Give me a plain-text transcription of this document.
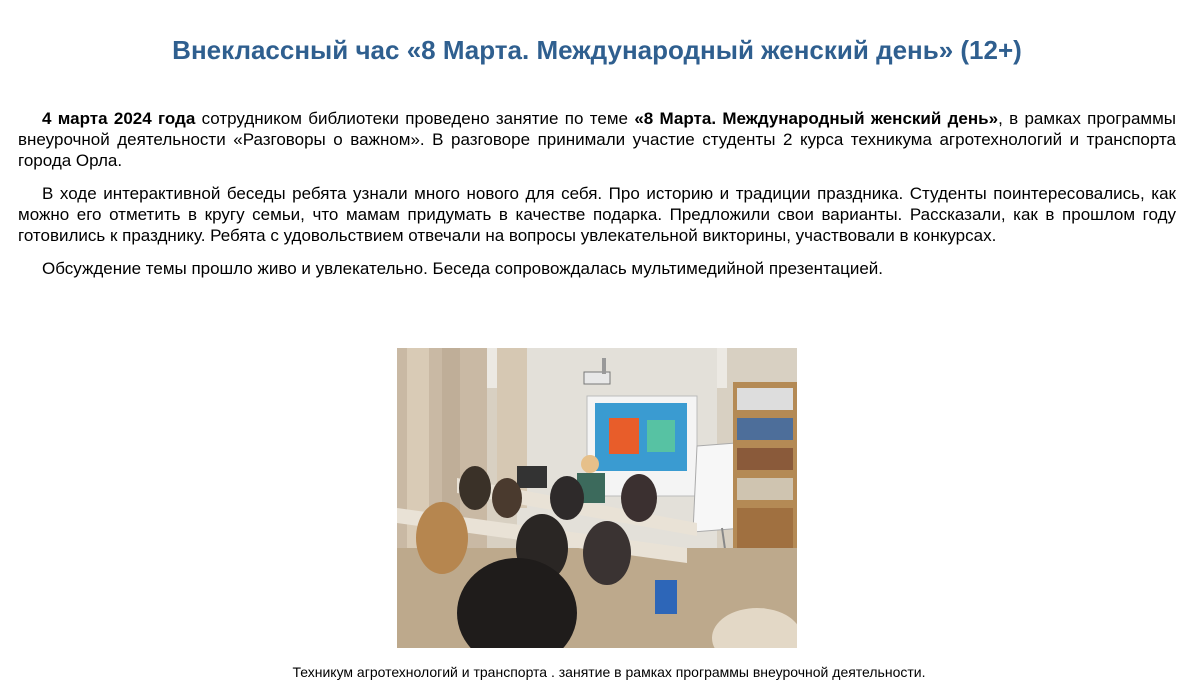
Внеклассный час «8 Марта. Международный женский день» (12+)

4 марта 2024 года сотрудником библиотеки проведено занятие по теме «8 Марта. Международный женский день», в рамках программы внеурочной деятельности «Разговоры о важном». В разговоре принимали участие студенты 2 курса техникума агротехнологий и транспорта города Орла.

В ходе интерактивной беседы ребята узнали много нового для себя. Про историю и традиции праздника. Студенты поинтересовались, как можно его отметить в кругу семьи, что мамам придумать в качестве подарка. Предложили свои варианты. Рассказали, как в прошлом году готовились к празднику. Ребята с удовольствием отвечали на вопросы увлекательной викторины, участвовали в конкурсах.

Обсуждение темы прошло живо и увлекательно. Беседа сопровождалась мультимедийной презентацией.

Техникум агротехнологий и транспорта . занятие в рамках программы внеурочной деятельности.
